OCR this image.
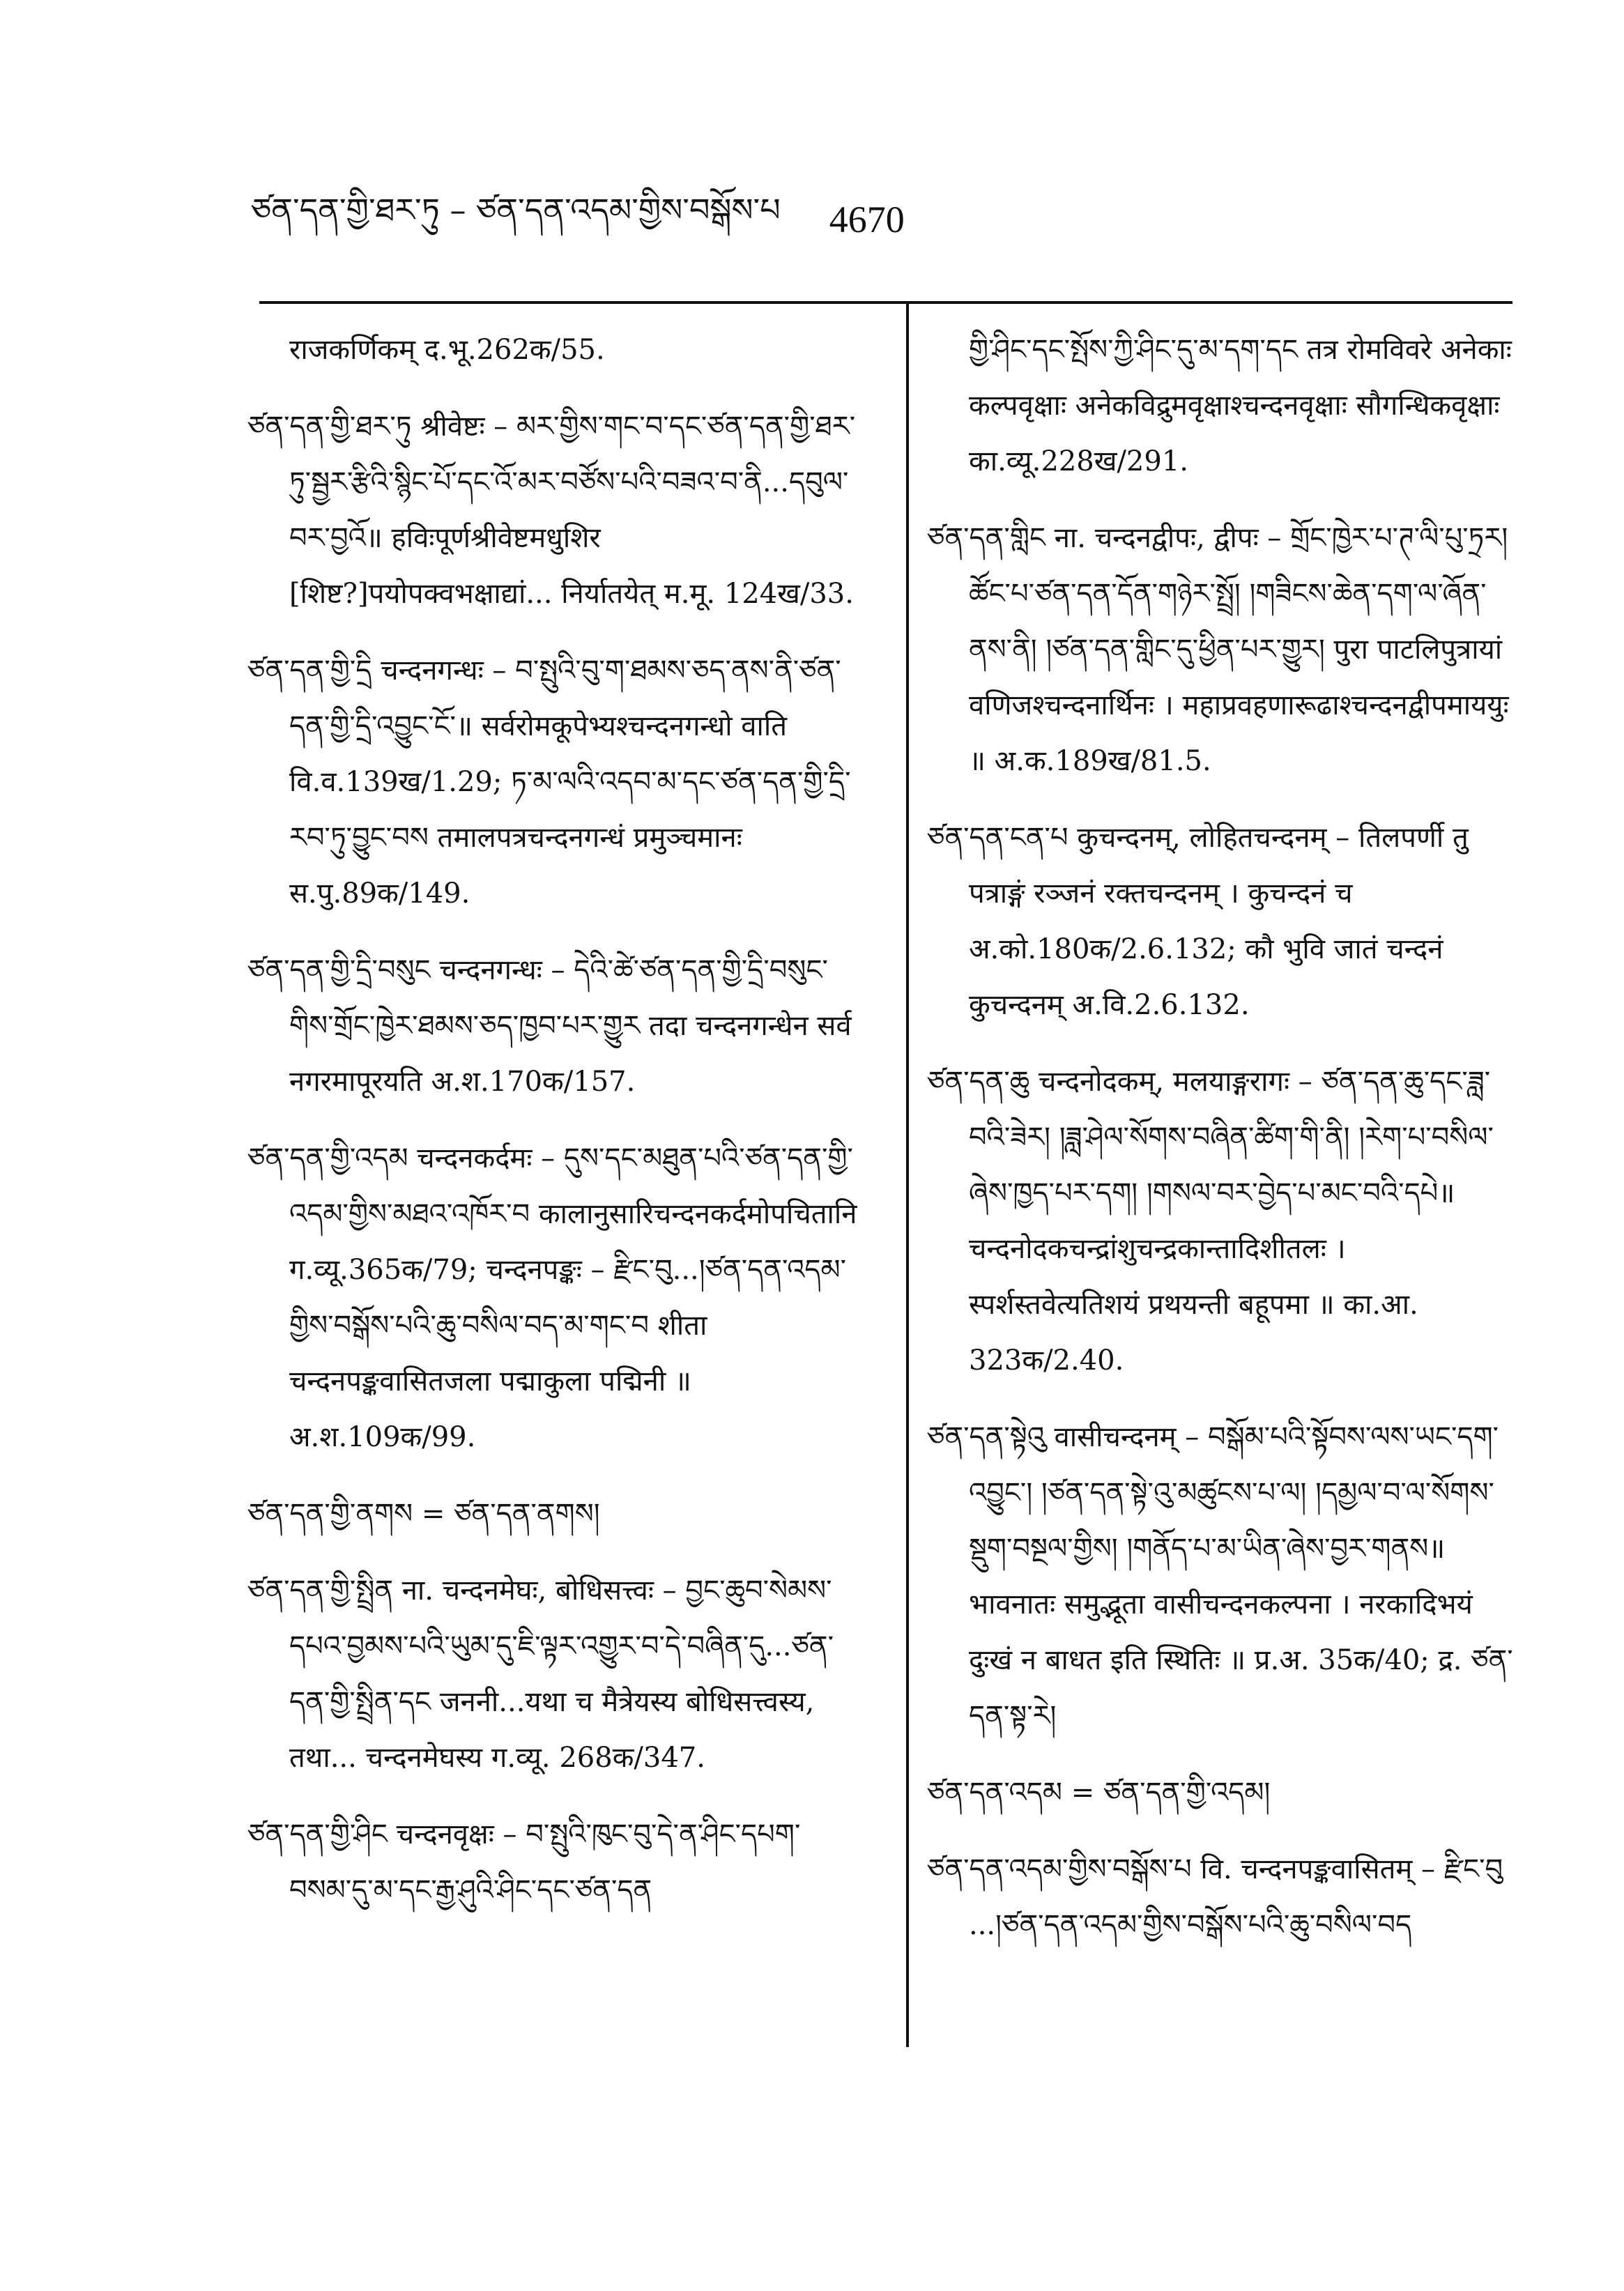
ཙན་དན་གྱི་ཐར་ཏུ – ཙན་དན་འདམ་གྱིས་བསྒོས་པ 4670

राजकर्णिकम् द.भू.262क/55.

ཙན་དན་གྱི་ཐར་ཏུ श्रीवेष्टः – མར་གྱིས་གང་བ་དང་ཙན་དན་གྱི་ཐར་ཏུ་སྦྱར་རྩིའི་སྙིང་པོ་དང་འོ་མར་བཙོས་པའི་བཟའ་བ་ནི...དབུལ་བར་བྱའོ॥ हविःपूर्णश्रीवेष्टमधुशिर [शिष्ट?]पयोपक्वभक्षाद्यां... निर्यातयेत् म.मू. 124ख/33.

ཙན་དན་གྱི་དྲི चन्दनगन्धः – བ་སྤུའི་བུ་ག་ཐམས་ཅད་ནས་ནི་ཙན་དན་གྱི་དྲི་འབྱུང་ངོ་॥ सर्वरोमकूपेभ्यश्चन्दनगन्धो वाति वि.व.139ख/1.29; ཏ་མ་ལའི་འདབ་མ་དང་ཙན་དན་གྱི་དྲི་རབ་ཏུ་བྱུང་བས तमालपत्रचन्दनगन्धं प्रमुञ्चमानः स.पु.89क/149.

ཙན་དན་གྱི་དྲི་བསུང चन्दनगन्धः – དེའི་ཚེ་ཙན་དན་གྱི་དྲི་བསུང་གིས་གྲོང་ཁྱེར་ཐམས་ཅད་ཁྱབ་པར་གྱུར तदा चन्दनगन्धेन सर्व नगरमापूरयति अ.श.170क/157.

ཙན་དན་གྱི་འདམ चन्दनकर्दमः – དུས་དང་མཐུན་པའི་ཙན་དན་གྱི་འདམ་གྱིས་མཐའ་འཁོར་བ कालानुसारिचन्दनकर्दमोपचितानि ग.व्यू.365क/79; चन्दनपङ्कः – རྫིང་བུ...།ཙན་དན་འདམ་གྱིས་བསྒོས་པའི་ཆུ་བསིལ་བད་མ་གང་བ शीता चन्दनपङ्कवासितजला पद्माकुला पद्मिनी ॥ अ.श.109क/99.

ཙན་དན་གྱི་ནགས = ཙན་དན་ནགས།

ཙན་དན་གྱི་སྤྲིན ना. चन्दनमेघः, बोधिसत्त्वः – བྱང་ཆུབ་སེམས་དཔའ་བྱམས་པའི་ཡུམ་དུ་ཇི་ལྟར་འགྱུར་བ་དེ་བཞིན་དུ...ཙན་དན་གྱི་སྤྲིན་དང जननी...यथा च मैत्रेयस्य बोधिसत्त्वस्य, तथा... चन्दनमेघस्य ग.व्यू. 268क/347.

ཙན་དན་གྱི་ཤིང चन्दनवृक्षः – བ་སྤུའི་ཁུང་བུ་དེ་ན་ཤིང་དཔག་བསམ་དུ་མ་དང་རྒྱ་ཤུའི་ཤིང་དང་ཙན་དན

གྱི་ཤིང་དང་སྤོས་ཀྱི་ཤིང་དུ་མ་དག་དང तत्र रोमविवरे अनेकाः कल्पवृक्षाः अनेकविद्रुमवृक्षाश्चन्दनवृक्षाः सौगन्धिकवृक्षाः का.व्यू.228ख/291.

ཙན་དན་གླིང ना. चन्दनद्वीपः, द्वीपः – གྲོང་ཁྱེར་པ་ཊ་ལི་པུ་ཏྲར། ཚོང་པ་ཙན་དན་དོན་གཉེར་སྤྲོ། །གཟིངས་ཆེན་དག་ལ་ཞོན་ནས་ནི། །ཙན་དན་གླིང་དུ་ཕྱིན་པར་གྱུར། पुरा पाटलिपुत्रायां वणिजश्चन्दनार्थिनः । महाप्रवहणारूढाश्चन्दनद्वीपमाययुः ॥ अ.क.189ख/81.5.

ཙན་དན་ངན་པ कुचन्दनम्, लोहितचन्दनम् – तिलपर्णी तु पत्राङ्गं रञ्जनं रक्तचन्दनम् । कुचन्दनं च अ.को.180क/2.6.132; कौ भुवि जातं चन्दनं कुचन्दनम् अ.वि.2.6.132.

ཙན་དན་ཆུ चन्दनोदकम्, मलयाङ्गरागः – ཙན་དན་ཆུ་དང་ཟླ་བའི་ཟེར། །ཟླ་ཤེལ་སོགས་བཞིན་ཚིག་གི་ནི། །རེག་པ་བསིལ་ཞེས་ཁྱད་པར་དག། །གསལ་བར་བྱེད་པ་མང་བའི་དཔེ॥ चन्दनोदकचन्द्रांशुचन्द्रकान्तादिशीतलः । स्पर्शस्तवेत्यतिशयं प्रथयन्ती बहूपमा ॥ का.आ. 323क/2.40.

ཙན་དན་སྟེའུ वासीचन्दनम् – བསྒོམ་པའི་སྟོབས་ལས་ཡང་དག་འབྱུང་། །ཙན་དན་སྟེ་འུ་མཚུངས་པ་ལ། །དམྱལ་བ་ལ་སོགས་སྡུག་བསྔལ་གྱིས། །གནོད་པ་མ་ཡིན་ཞེས་བྱར་གནས॥ भावनातः समुद्भूता वासीचन्दनकल्पना । नरकादिभयं दुःखं न बाधत इति स्थितिः ॥ प्र.अ. 35क/40; द्र. ཙན་དན་སྟ་རེ།

ཙན་དན་འདམ = ཙན་དན་གྱི་འདམ།

ཙན་དན་འདམ་གྱིས་བསྒོས་པ वि. चन्दनपङ्कवासितम् – རྫིང་བུ ...།ཙན་དན་འདམ་གྱིས་བསྒོས་པའི་ཆུ་བསིལ་བད
